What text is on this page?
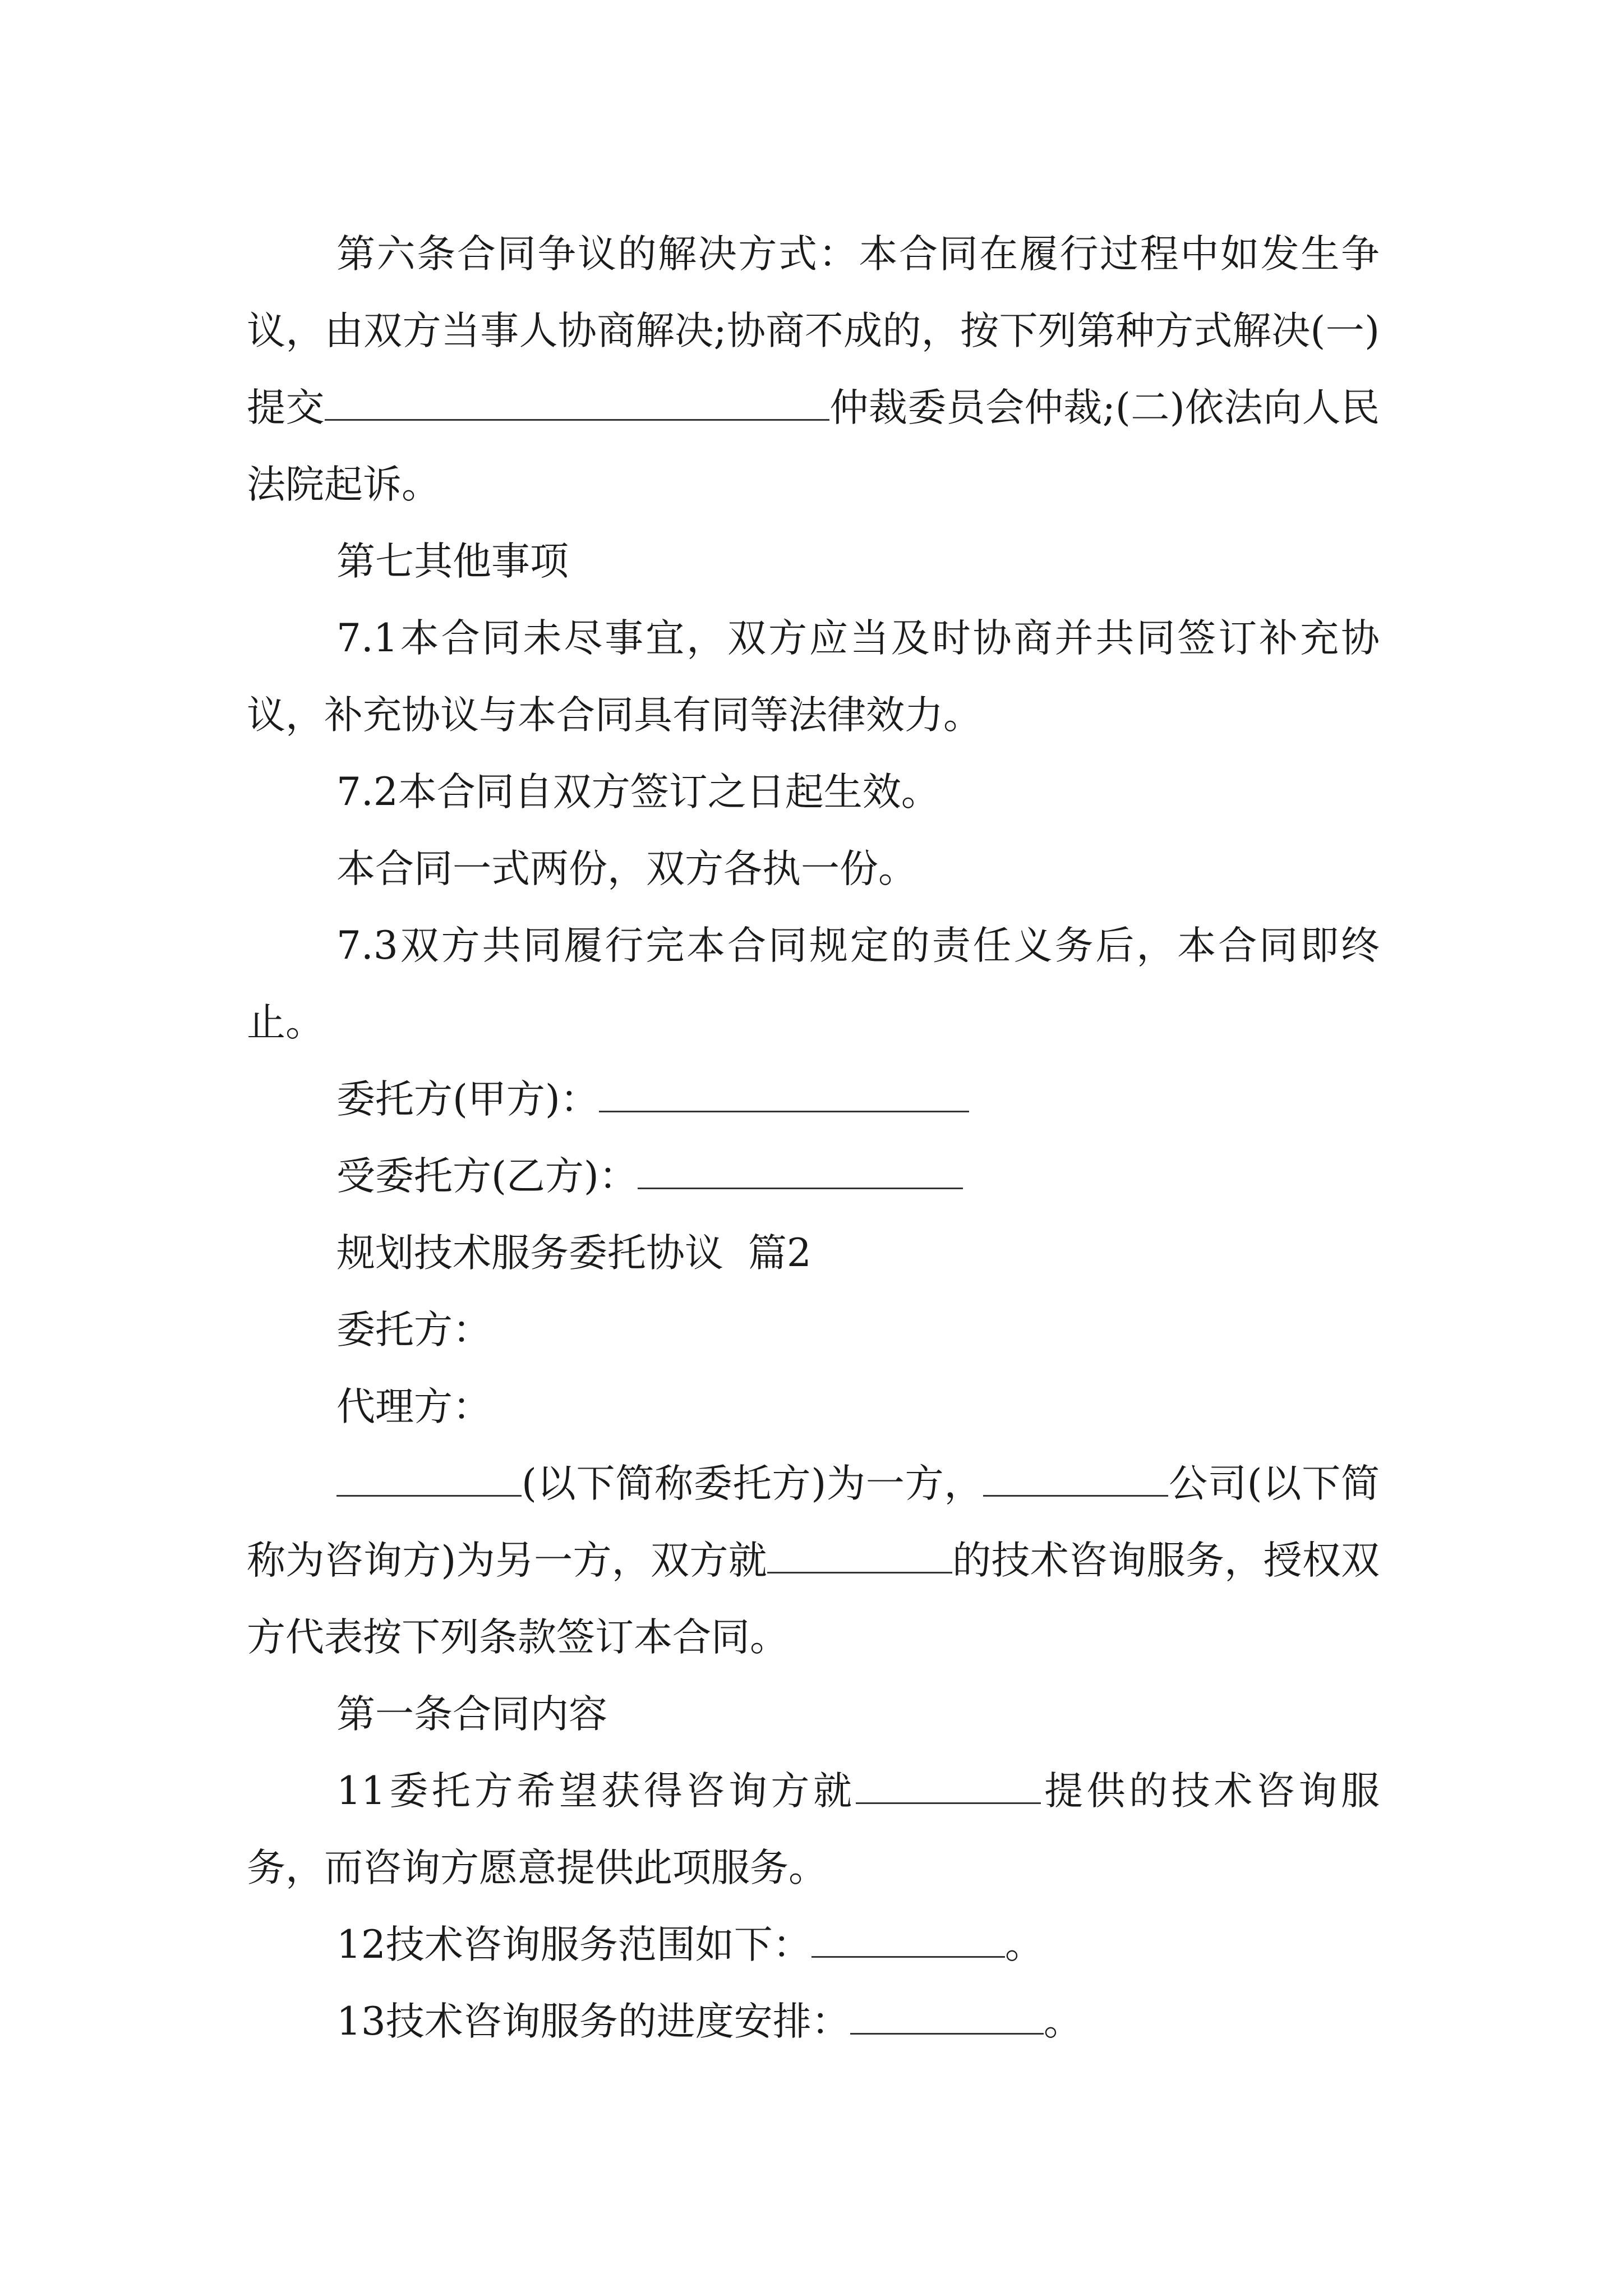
第六条合同争议的解决方式：本合同在履行过程中如发生争议，由双方当事人协商解决;协商不成的，按下列第种方式解决(一)提交	仲裁委员会仲裁;(二)依法向人民法院起诉。

第七其他事项

7.1本合同未尽事宜，双方应当及时协商并共同签订补充协议，补充协议与本合同具有同等法律效力。

7.2本合同自双方签订之日起生效。

本合同一式两份，双方各执一份。

7.3双方共同履行完本合同规定的责任义务后，本合同即终止。

委托方(甲方)：

受委托方(乙方)：

规划技术服务委托协议  篇2

委托方：

代理方：

(以下简称委托方)为一方，	公司(以下简称为咨询方)为另一方，双方就	的技术咨询服务，授权双方代表按下列条款签订本合同。

第一条合同内容

11委托方希望获得咨询方就	提供的技术咨询服务，而咨询方愿意提供此项服务。

12技术咨询服务范围如下：	。

13技术咨询服务的进度安排：	。
